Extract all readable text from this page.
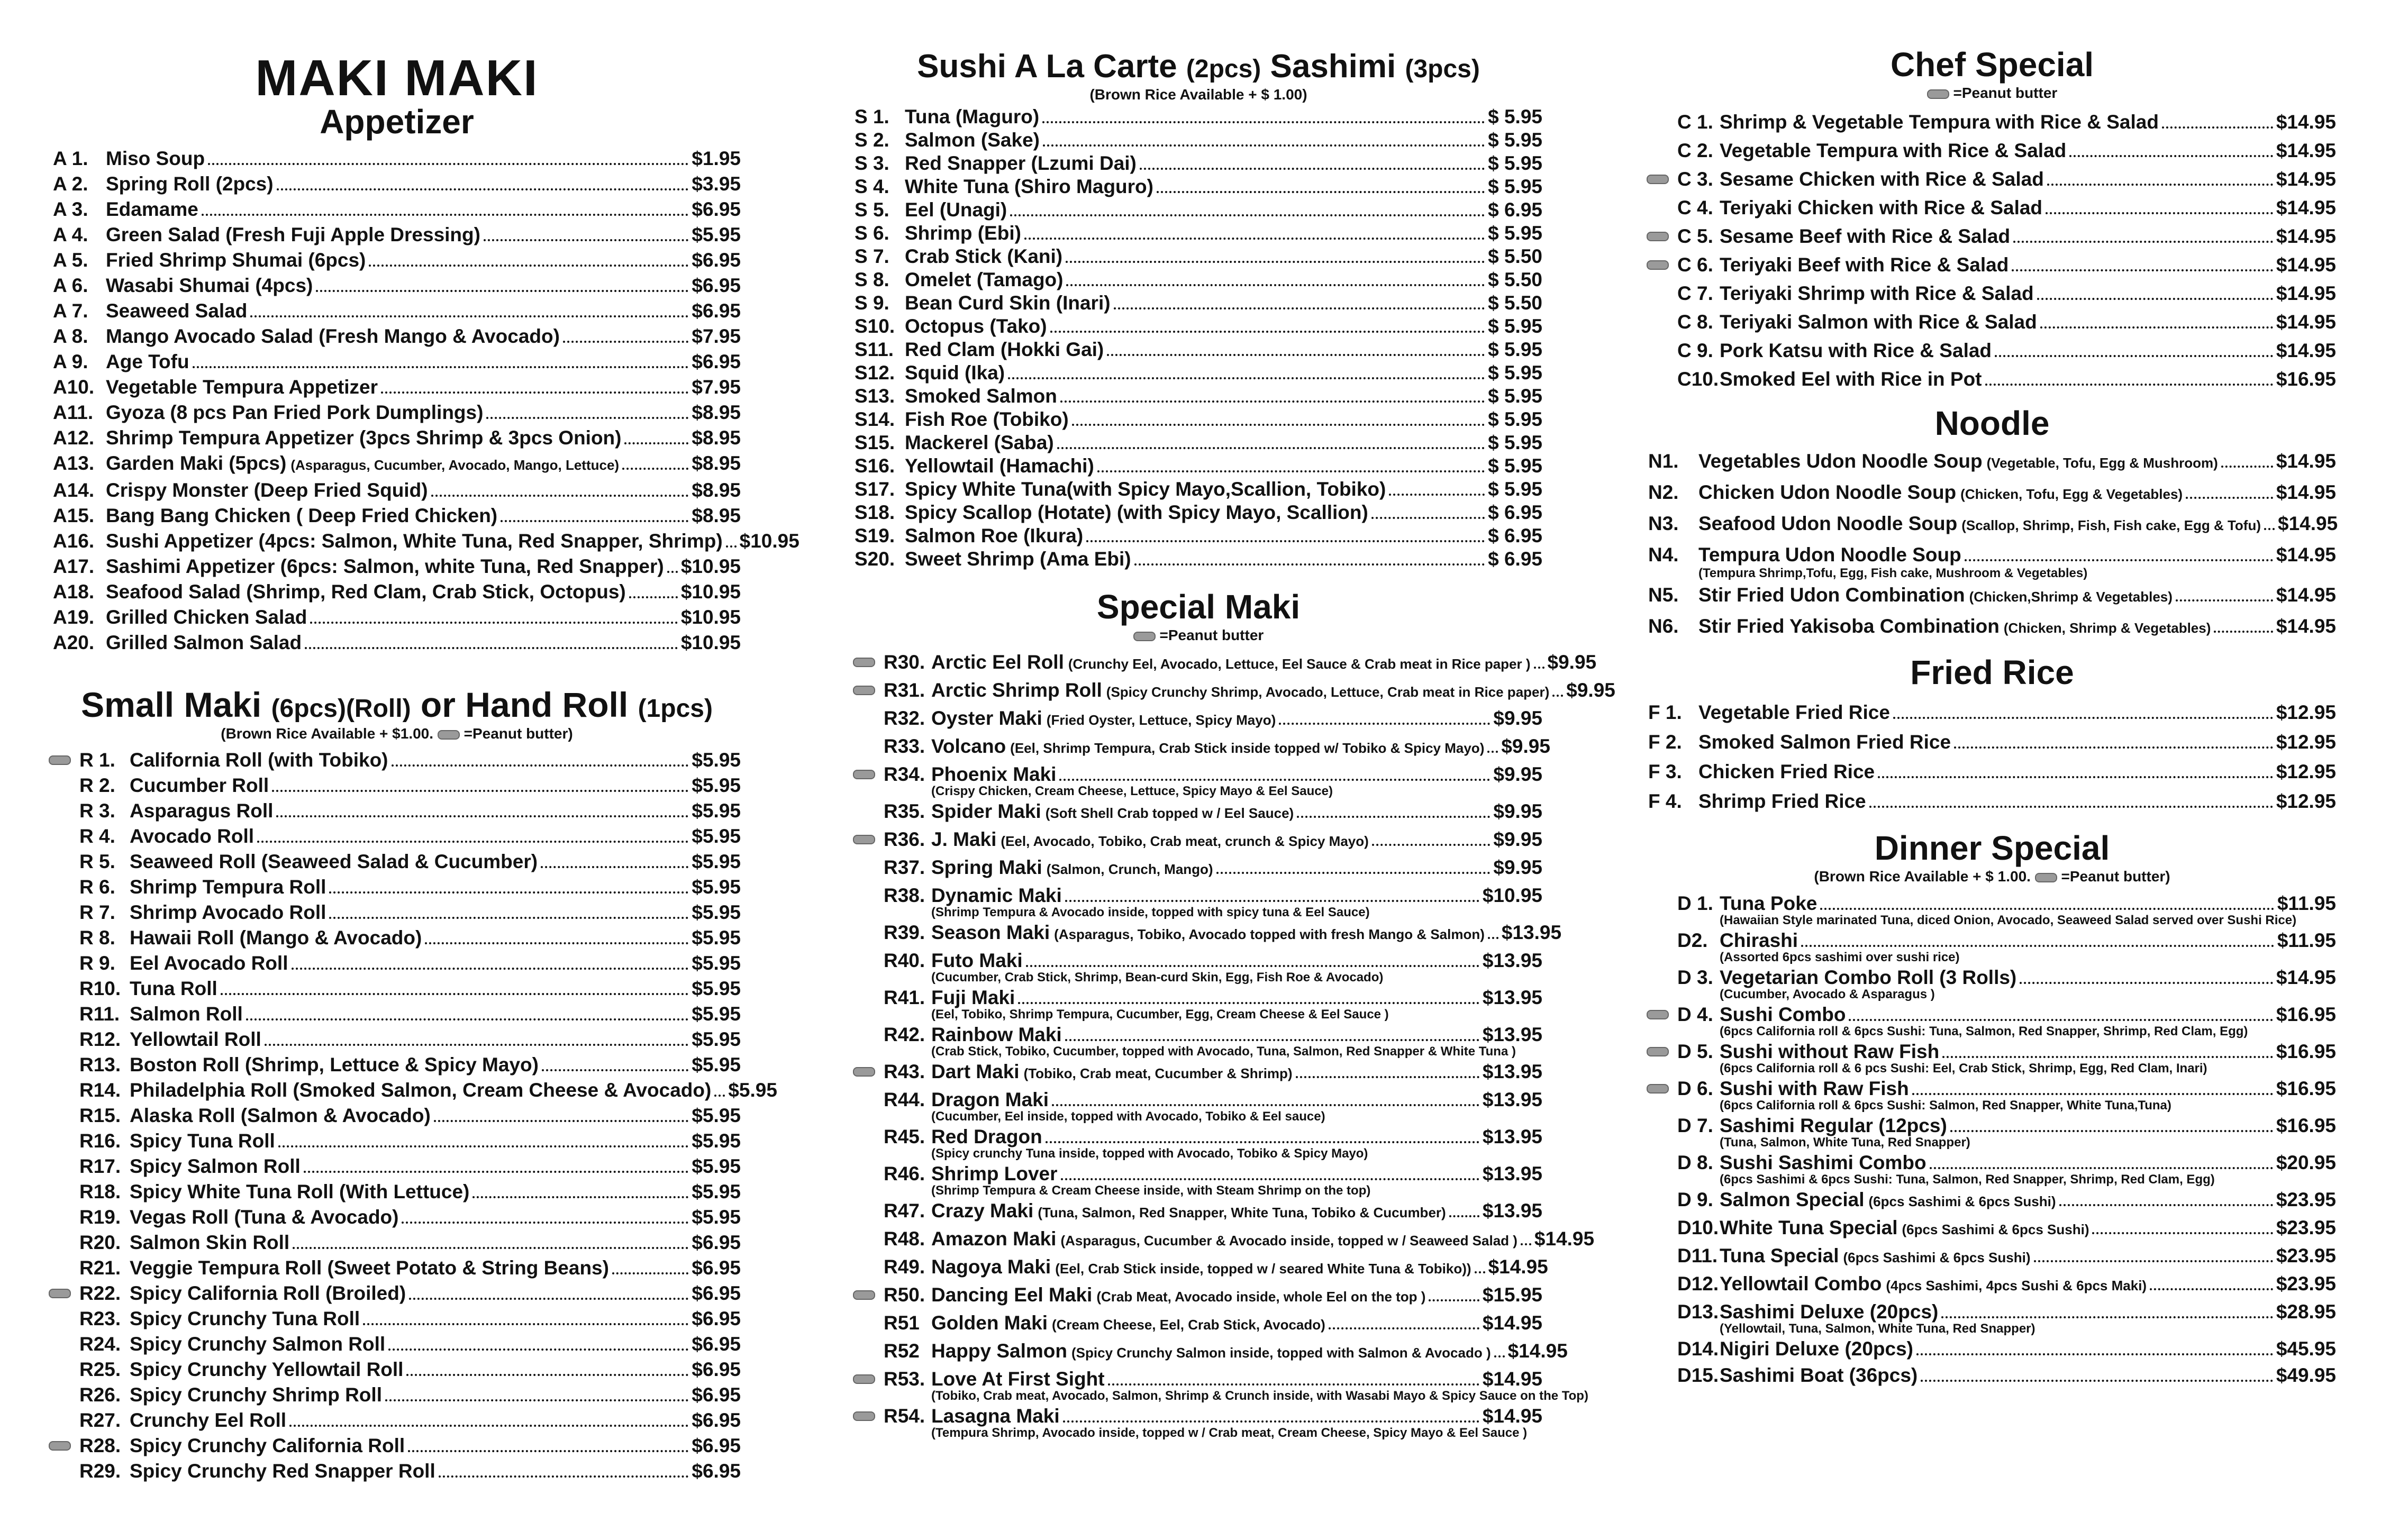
MAKI MAKI
Appetizer
A 1. Miso Soup	$1.95
A 2. Spring Roll (2pcs)	$3.95
A 3. Edamame	$6.95
A 4. Green Salad (Fresh Fuji Apple Dressing)	$5.95
A 5. Fried Shrimp Shumai (6pcs)	$6.95
A 6. Wasabi Shumai (4pcs)	$6.95
A 7. Seaweed Salad	$6.95
A 8. Mango Avocado Salad (Fresh Mango & Avocado)	$7.95
A 9. Age Tofu	$6.95
A10. Vegetable Tempura Appetizer	$7.95
A11. Gyoza (8 pcs Pan Fried Pork Dumplings)	$8.95
A12. Shrimp Tempura Appetizer (3pcs Shrimp & 3pcs Onion)	$8.95
A13. Garden Maki (5pcs) (Asparagus, Cucumber, Avocado, Mango, Lettuce)	$8.95
A14. Crispy Monster (Deep Fried Squid)	$8.95
A15. Bang Bang Chicken ( Deep Fried Chicken)	$8.95
A16. Sushi Appetizer (4pcs: Salmon, White Tuna, Red Snapper, Shrimp) $10.95
A17. Sashimi Appetizer (6pcs: Salmon, white Tuna, Red Snapper) $10.95
A18. Seafood Salad (Shrimp, Red Clam, Crab Stick, Octopus)	$10.95
A19. Grilled Chicken Salad	$10.95
A20. Grilled Salmon Salad	$10.95
Small Maki (6pcs)(Roll) or Hand Roll (1pcs)
(Brown Rice Available + $1.00. =Peanut butter)
R 1. California Roll (with Tobiko)	$5.95
R 2. Cucumber Roll	$5.95
R 3. Asparagus Roll	$5.95
R 4. Avocado Roll	$5.95
R 5. Seaweed Roll (Seaweed Salad & Cucumber)	$5.95
R 6. Shrimp Tempura Roll	$5.95
R 7. Shrimp Avocado Roll	$5.95
R 8. Hawaii Roll (Mango & Avocado)	$5.95
R 9. Eel Avocado Roll	$5.95
R10. Tuna Roll	$5.95
R11. Salmon Roll	$5.95
R12. Yellowtail Roll	$5.95
R13. Boston Roll (Shrimp, Lettuce & Spicy Mayo)	$5.95
R14. Philadelphia Roll (Smoked Salmon, Cream Cheese & Avocado) $5.95
R15. Alaska Roll (Salmon & Avocado)	$5.95
R16. Spicy Tuna Roll	$5.95
R17. Spicy Salmon Roll	$5.95
R18. Spicy White Tuna Roll (With Lettuce)	$5.95
R19. Vegas Roll (Tuna & Avocado)	$5.95
R20. Salmon Skin Roll	$6.95
R21. Veggie Tempura Roll (Sweet Potato & String Beans)	$6.95
R22. Spicy California Roll (Broiled)	$6.95
R23. Spicy Crunchy Tuna Roll	$6.95
R24. Spicy Crunchy Salmon Roll	$6.95
R25. Spicy Crunchy Yellowtail Roll	$6.95
R26. Spicy Crunchy Shrimp Roll	$6.95
R27. Crunchy Eel Roll	$6.95
R28. Spicy Crunchy California Roll	$6.95
R29. Spicy Crunchy Red Snapper Roll	$6.95
Sushi A La Carte (2pcs) Sashimi (3pcs)
(Brown Rice Available + $ 1.00)
S 1. Tuna (Maguro)	$ 5.95
S 2. Salmon (Sake)	$ 5.95
S 3. Red Snapper (Lzumi Dai)	$ 5.95
S 4. White Tuna (Shiro Maguro)	$ 5.95
S 5. Eel (Unagi)	$ 6.95
S 6. Shrimp (Ebi)	$ 5.95
S 7. Crab Stick (Kani)	$ 5.50
S 8. Omelet (Tamago)	$ 5.50
S 9. Bean Curd Skin (Inari)	$ 5.50
S10. Octopus (Tako)	$ 5.95
S11. Red Clam (Hokki Gai)	$ 5.95
S12. Squid (Ika)	$ 5.95
S13. Smoked Salmon	$ 5.95
S14. Fish Roe (Tobiko)	$ 5.95
S15. Mackerel (Saba)	$ 5.95
S16. Yellowtail (Hamachi)	$ 5.95
S17. Spicy White Tuna(with Spicy Mayo,Scallion, Tobiko)	$ 5.95
S18. Spicy Scallop (Hotate) (with Spicy Mayo, Scallion)	$ 6.95
S19. Salmon Roe (Ikura)	$ 6.95
S20. Sweet Shrimp (Ama Ebi)	$ 6.95
Special Maki
=Peanut butter
R30. Arctic Eel Roll (Crunchy Eel, Avocado, Lettuce, Eel Sauce & Crab meat in Rice paper ) $9.95
R31. Arctic Shrimp Roll (Spicy Crunchy Shrimp, Avocado, Lettuce, Crab meat in Rice paper) $9.95
R32. Oyster Maki (Fried Oyster, Lettuce, Spicy Mayo)	$9.95
R33. Volcano (Eel, Shrimp Tempura, Crab Stick inside topped w/ Tobiko & Spicy Mayo) $9.95
R34. Phoenix Maki	$9.95
(Crispy Chicken, Cream Cheese, Lettuce, Spicy Mayo & Eel Sauce)
R35. Spider Maki (Soft Shell Crab topped w / Eel Sauce)	$9.95
R36. J. Maki (Eel, Avocado, Tobiko, Crab meat, crunch & Spicy Mayo)	$9.95
R37. Spring Maki (Salmon, Crunch, Mango)	$9.95
R38. Dynamic Maki	$10.95
(Shrimp Tempura & Avocado inside, topped with spicy tuna & Eel Sauce)
R39. Season Maki (Asparagus, Tobiko, Avocado topped with fresh Mango & Salmon) $13.95
R40. Futo Maki	$13.95
(Cucumber, Crab Stick, Shrimp, Bean-curd Skin, Egg, Fish Roe & Avocado)
R41. Fuji Maki	$13.95
(Eel, Tobiko, Shrimp Tempura, Cucumber, Egg, Cream Cheese & Eel Sauce )
R42. Rainbow Maki	$13.95
(Crab Stick, Tobiko, Cucumber, topped with Avocado, Tuna, Salmon, Red Snapper & White Tuna )
R43. Dart Maki (Tobiko, Crab meat, Cucumber & Shrimp)	$13.95
R44. Dragon Maki	$13.95
(Cucumber, Eel inside, topped with Avocado, Tobiko & Eel sauce)
R45. Red Dragon	$13.95
(Spicy crunchy Tuna inside, topped with Avocado, Tobiko & Spicy Mayo)
R46. Shrimp Lover	$13.95
(Shrimp Tempura & Cream Cheese inside, with Steam Shrimp on the top)
R47. Crazy Maki (Tuna, Salmon, Red Snapper, White Tuna, Tobiko & Cucumber) $13.95
R48. Amazon Maki (Asparagus, Cucumber & Avocado inside, topped w / Seaweed Salad ) $14.95
R49. Nagoya Maki (Eel, Crab Stick inside, topped w / seared White Tuna & Tobiko)) $14.95
R50. Dancing Eel Maki (Crab Meat, Avocado inside, whole Eel on the top )	$15.95
R51 Golden Maki (Cream Cheese, Eel, Crab Stick, Avocado)	$14.95
R52 Happy Salmon (Spicy Crunchy Salmon inside, topped with Salmon & Avocado ) $14.95
R53. Love At First Sight	$14.95
(Tobiko, Crab meat, Avocado, Salmon, Shrimp & Crunch inside, with Wasabi Mayo & Spicy Sauce on the Top)
R54. Lasagna Maki	$14.95
(Tempura Shrimp, Avocado inside, topped w / Crab meat, Cream Cheese, Spicy Mayo & Eel Sauce )
Chef Special
=Peanut butter
C 1. Shrimp & Vegetable Tempura with Rice & Salad	$14.95
C 2. Vegetable Tempura with Rice & Salad	$14.95
C 3. Sesame Chicken with Rice & Salad	$14.95
C 4. Teriyaki Chicken with Rice & Salad	$14.95
C 5. Sesame Beef with Rice & Salad	$14.95
C 6. Teriyaki Beef with Rice & Salad	$14.95
C 7. Teriyaki Shrimp with Rice & Salad	$14.95
C 8. Teriyaki Salmon with Rice & Salad	$14.95
C 9. Pork Katsu with Rice & Salad	$14.95
C10. Smoked Eel with Rice in Pot	$16.95
Noodle
N1.	Vegetables Udon Noodle Soup (Vegetable, Tofu, Egg & Mushroom)	$14.95
N2.	Chicken Udon Noodle Soup (Chicken, Tofu, Egg & Vegetables)	$14.95
N3.	Seafood Udon Noodle Soup (Scallop, Shrimp, Fish, Fish cake, Egg & Tofu) $14.95
N4.	Tempura Udon Noodle Soup	$14.95
(Tempura Shrimp,Tofu, Egg, Fish cake, Mushroom & Vegetables)
N5.	Stir Fried Udon Combination (Chicken,Shrimp & Vegetables)	$14.95
N6.	Stir Fried Yakisoba Combination (Chicken, Shrimp & Vegetables)	$14.95
Fried Rice
F 1. Vegetable Fried Rice	$12.95
F 2. Smoked Salmon Fried Rice	$12.95
F 3. Chicken Fried Rice	$12.95
F 4. Shrimp Fried Rice	$12.95
Dinner Special
(Brown Rice Available + $ 1.00. =Peanut butter)
D 1. Tuna Poke	$11.95
(Hawaiian Style marinated Tuna, diced Onion, Avocado, Seaweed Salad served over Sushi Rice)
D2. Chirashi	$11.95
(Assorted 6pcs sashimi over sushi rice)
D 3. Vegetarian Combo Roll (3 Rolls)	$14.95
(Cucumber, Avocado & Asparagus )
D 4. Sushi Combo	$16.95
(6pcs California roll & 6pcs Sushi: Tuna, Salmon, Red Snapper, Shrimp, Red Clam, Egg)
D 5. Sushi without Raw Fish	$16.95
(6pcs California roll & 6 pcs Sushi: Eel, Crab Stick, Shrimp, Egg, Red Clam, Inari)
D 6. Sushi with Raw Fish	$16.95
(6pcs California roll & 6pcs Sushi: Salmon, Red Snapper, White Tuna,Tuna)
D 7. Sashimi Regular (12pcs)	$16.95
(Tuna, Salmon, White Tuna, Red Snapper)
D 8. Sushi Sashimi Combo	$20.95
(6pcs Sashimi & 6pcs Sushi: Tuna, Salmon, Red Snapper, Shrimp, Red Clam, Egg)
D 9. Salmon Special (6pcs Sashimi & 6pcs Sushi)	$23.95
D10. White Tuna Special (6pcs Sashimi & 6pcs Sushi)	$23.95
D11. Tuna Special (6pcs Sashimi & 6pcs Sushi)	$23.95
D12. Yellowtail Combo (4pcs Sashimi, 4pcs Sushi & 6pcs Maki)	$23.95
D13. Sashimi Deluxe (20pcs)	$28.95
(Yellowtail, Tuna, Salmon, White Tuna, Red Snapper)
D14. Nigiri Deluxe (20pcs)	$45.95
D15. Sashimi Boat (36pcs)	$49.95
